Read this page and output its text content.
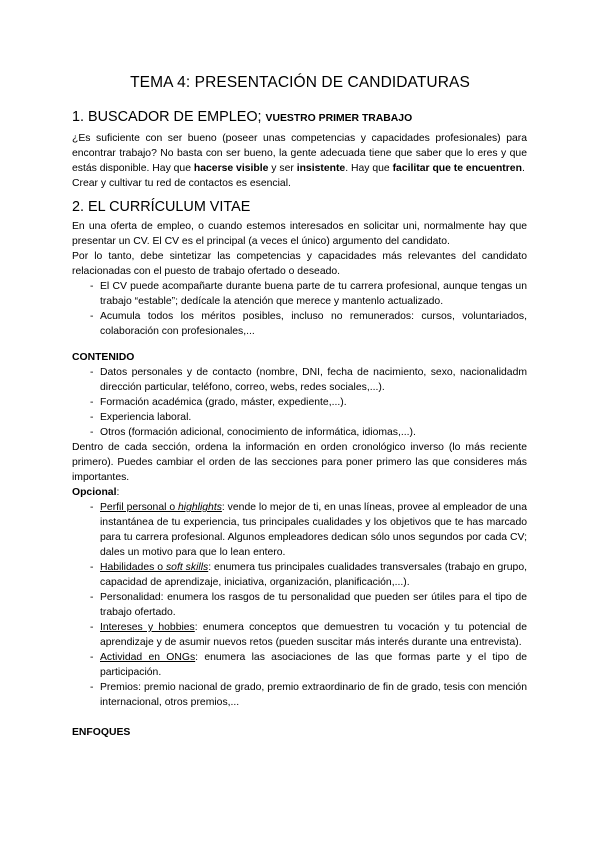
TEMA 4: PRESENTACIÓN DE CANDIDATURAS
1. BUSCADOR DE EMPLEO; VUESTRO PRIMER TRABAJO

¿Es suficiente con ser bueno (poseer unas competencias y capacidades profesionales) para encontrar trabajo? No basta con ser bueno, la gente adecuada tiene que saber que lo eres y que estás disponible. Hay que hacerse visible y ser insistente. Hay que facilitar que te encuentren.

Crear y cultivar tu red de contactos es esencial.

2. EL CURRÍCULUM VITAE

En una oferta de empleo, o cuando estemos interesados en solicitar uni, normalmente hay que presentar un CV. El CV es el principal (a veces el único) argumento del candidato.

Por lo tanto, debe sintetizar las competencias y capacidades más relevantes del candidato relacionadas con el puesto de trabajo ofertado o deseado.

- El CV puede acompañarte durante buena parte de tu carrera profesional, aunque tengas un trabajo “estable”; dedícale la atención que merece y mantenlo actualizado.
- Acumula todos los méritos posibles, incluso no remunerados: cursos, voluntariados, colaboración con profesionales,...

CONTENIDO

- Datos personales y de contacto (nombre, DNI, fecha de nacimiento, sexo, nacionalidadm dirección particular, teléfono, correo, webs, redes sociales,...).
- Formación académica (grado, máster, expediente,...).
- Experiencia laboral.
- Otros (formación adicional, conocimiento de informática, idiomas,...).

Dentro de cada sección, ordena la información en orden cronológico inverso (lo más reciente primero). Puedes cambiar el orden de las secciones para poner primero las que consideres más importantes.

Opcional:

- Perfil personal o highlights: vende lo mejor de ti, en unas líneas, provee al empleador de una instantánea de tu experiencia, tus principales cualidades y los objetivos que te has marcado para tu carrera profesional. Algunos empleadores dedican sólo unos segundos por cada CV; dales un motivo para que lo lean entero.
- Habilidades o soft skills: enumera tus principales cualidades transversales (trabajo en grupo, capacidad de aprendizaje, iniciativa, organización, planificación,...).
- Personalidad: enumera los rasgos de tu personalidad que pueden ser útiles para el tipo de trabajo ofertado.
- Intereses y hobbies: enumera conceptos que demuestren tu vocación y tu potencial de aprendizaje y de asumir nuevos retos (pueden suscitar más interés durante una entrevista).
- Actividad en ONGs: enumera las asociaciones de las que formas parte y el tipo de participación.
- Premios: premio nacional de grado, premio extraordinario de fin de grado, tesis con mención internacional, otros premios,...

ENFOQUES
